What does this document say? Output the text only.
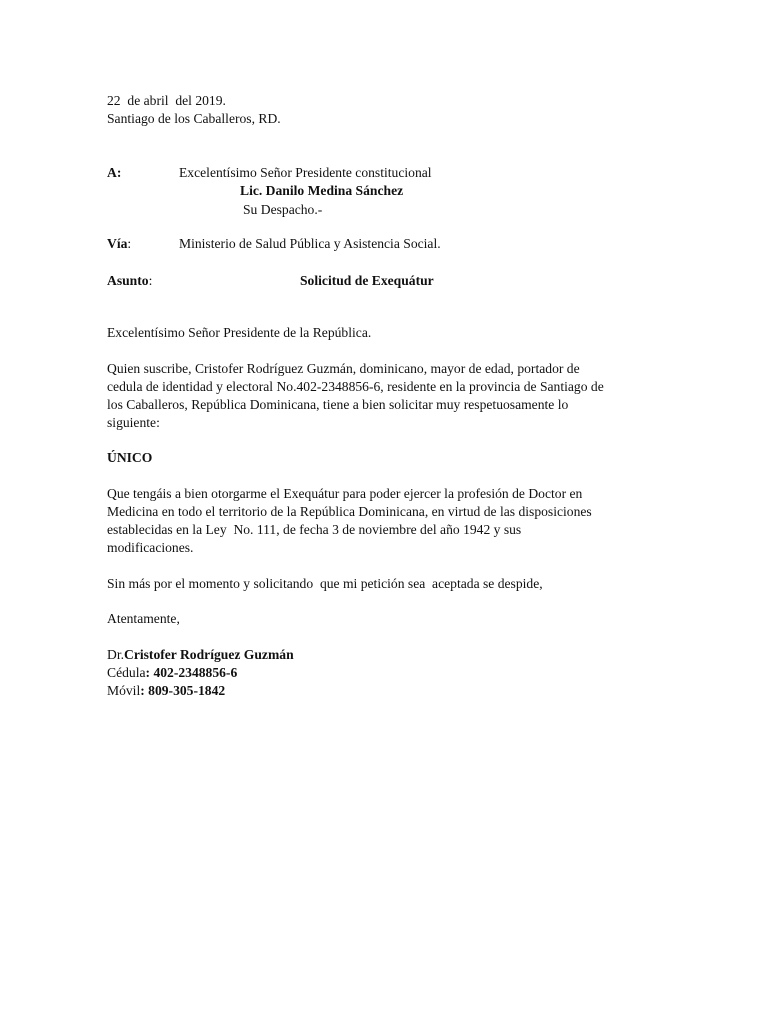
22  de abril  del 2019.
Santiago de los Caballeros, RD.
A:	Excelentísimo Señor Presidente constitucional
Lic. Danilo Medina Sánchez
Su Despacho.-
Vía:	Ministerio de Salud Pública y Asistencia Social.
Asunto:	Solicitud de Exequátur
Excelentísimo Señor Presidente de la República.
Quien suscribe, Cristofer Rodríguez Guzmán, dominicano, mayor de edad, portador de
cedula de identidad y electoral No.402-2348856-6, residente en la provincia de Santiago de
los Caballeros, República Dominicana, tiene a bien solicitar muy respetuosamente lo
siguiente:
ÚNICO
Que tengáis a bien otorgarme el Exequátur para poder ejercer la profesión de Doctor en
Medicina en todo el territorio de la República Dominicana, en virtud de las disposiciones
establecidas en la Ley  No. 111, de fecha 3 de noviembre del año 1942 y sus
modificaciones.
Sin más por el momento y solicitando  que mi petición sea  aceptada se despide,
Atentamente,
Dr.Cristofer Rodríguez Guzmán
Cédula: 402-2348856-6
Móvil: 809-305-1842
